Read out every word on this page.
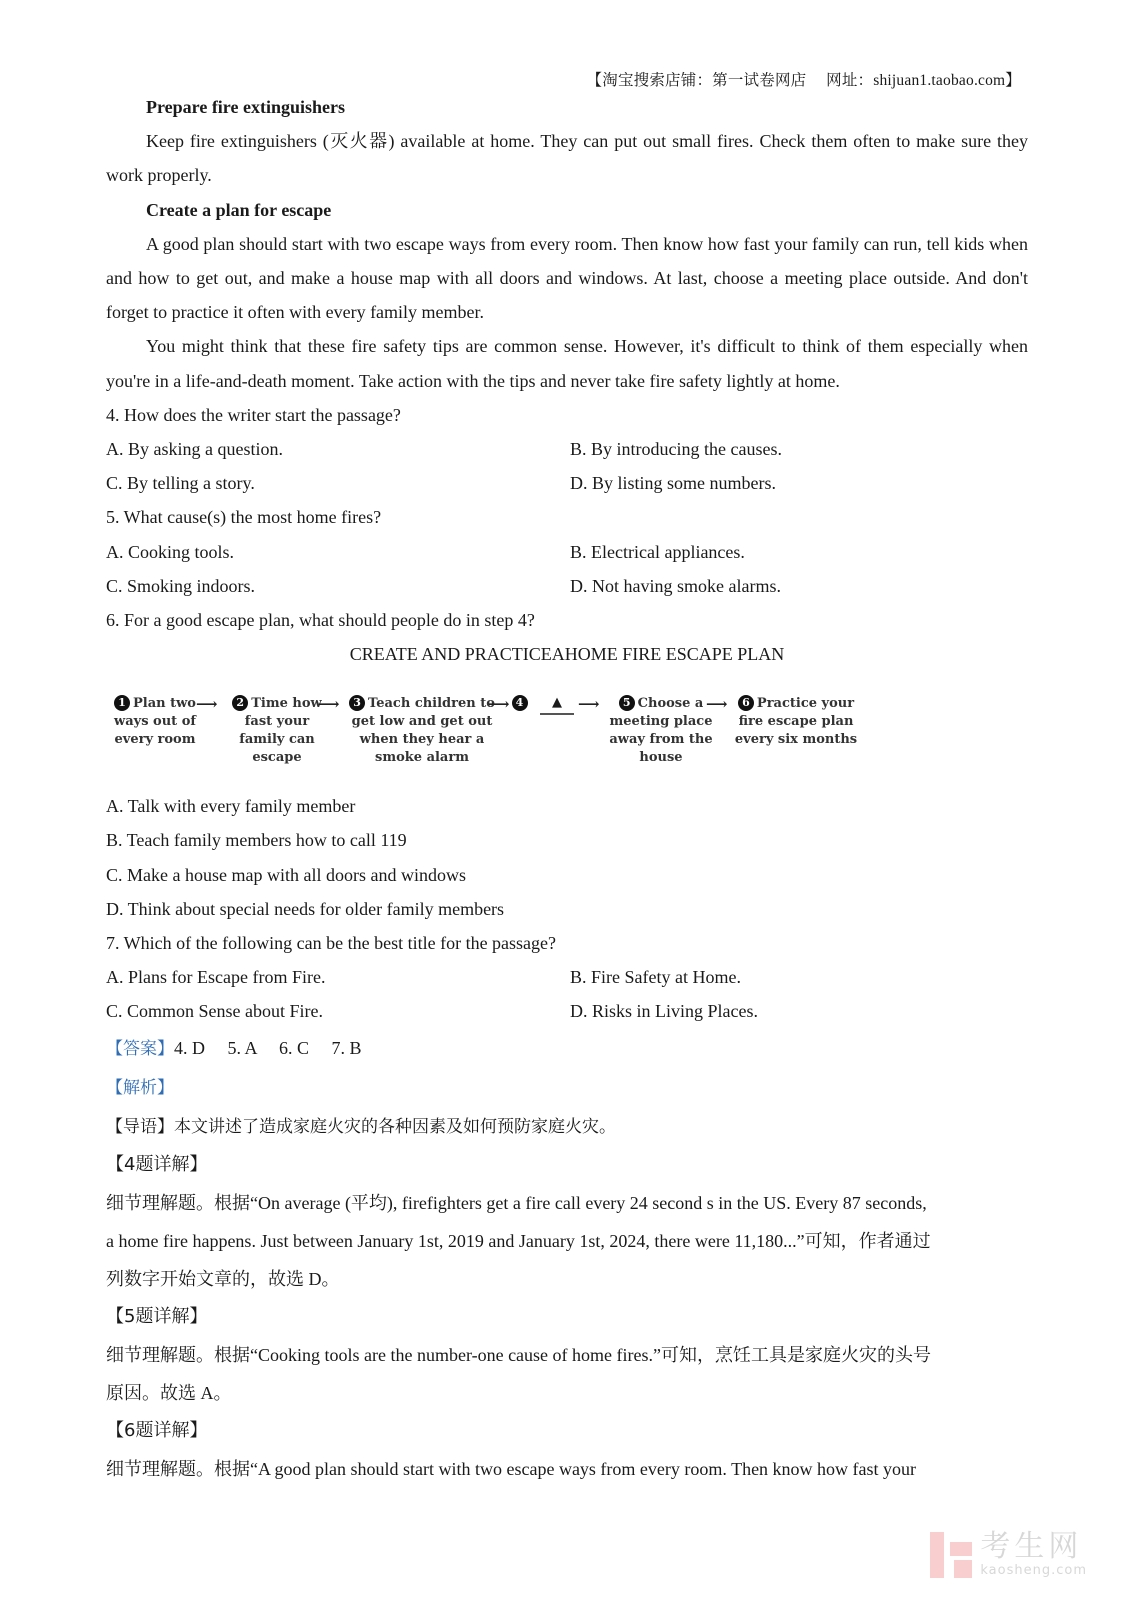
【淘宝搜索店铺：第一试卷网店　 网址：shijuan1.taobao.com】

Prepare fire extinguishers

Keep fire extinguishers (灭火器) available at home. They can put out small fires. Check them often to make sure they work properly.

Create a plan for escape

A good plan should start with two escape ways from every room. Then know how fast your family can run, tell kids when and how to get out, and make a house map with all doors and windows. At last, choose a meeting place outside. And don't forget to practice it often with every family member.

You might think that these fire safety tips are common sense. However, it's difficult to think of them especially when you're in a life-and-death moment. Take action with the tips and never take fire safety lightly at home.

4. How does the writer start the passage?

A. By asking a question.	B. By introducing the causes.
C. By telling a story.	D. By listing some numbers.

5. What cause(s) the most home fires?

A. Cooking tools.	B. Electrical appliances.
C. Smoking indoors.	D. Not having smoke alarms.

6. For a good escape plan, what should people do in step 4?

CREATE AND PRACTICEAHOME FIRE ESCAPE PLAN

1 Plan two ways out of every room
⟶	2 Time how fast your family can escape
⟶	3 Teach children to get low and get out when they hear a smoke alarm
⟶ 4	▲	⟶	5 Choose a meeting place away from the house
⟶	6 Practice your fire escape plan every six months

A. Talk with every family member

B. Teach family members how to call 119

C. Make a house map with all doors and windows

D. Think about special needs for older family members

7. Which of the following can be the best title for the passage?

A. Plans for Escape from Fire.	B. Fire Safety at Home.
C. Common Sense about Fire.	D. Risks in Living Places.

【答案】4. D　 5. A　 6. C　 7. B

【解析】

【导语】本文讲述了造成家庭火灾的各种因素及如何预防家庭火灾。

【4题详解】

细节理解题。根据“On average (平均), firefighters get a fire call every 24 second s in the US. Every 87 seconds,

a home fire happens. Just between January 1st, 2019 and January 1st, 2024, there were 11,180...”可知，作者通过

列数字开始文章的，故选 D。

【5题详解】

细节理解题。根据“Cooking tools are the number-one cause of home fires.”可知，烹饪工具是家庭火灾的头号

原因。故选 A。

【6题详解】

细节理解题。根据“A good plan should start with two escape ways from every room. Then know how fast your

考生网
kaosheng.com
